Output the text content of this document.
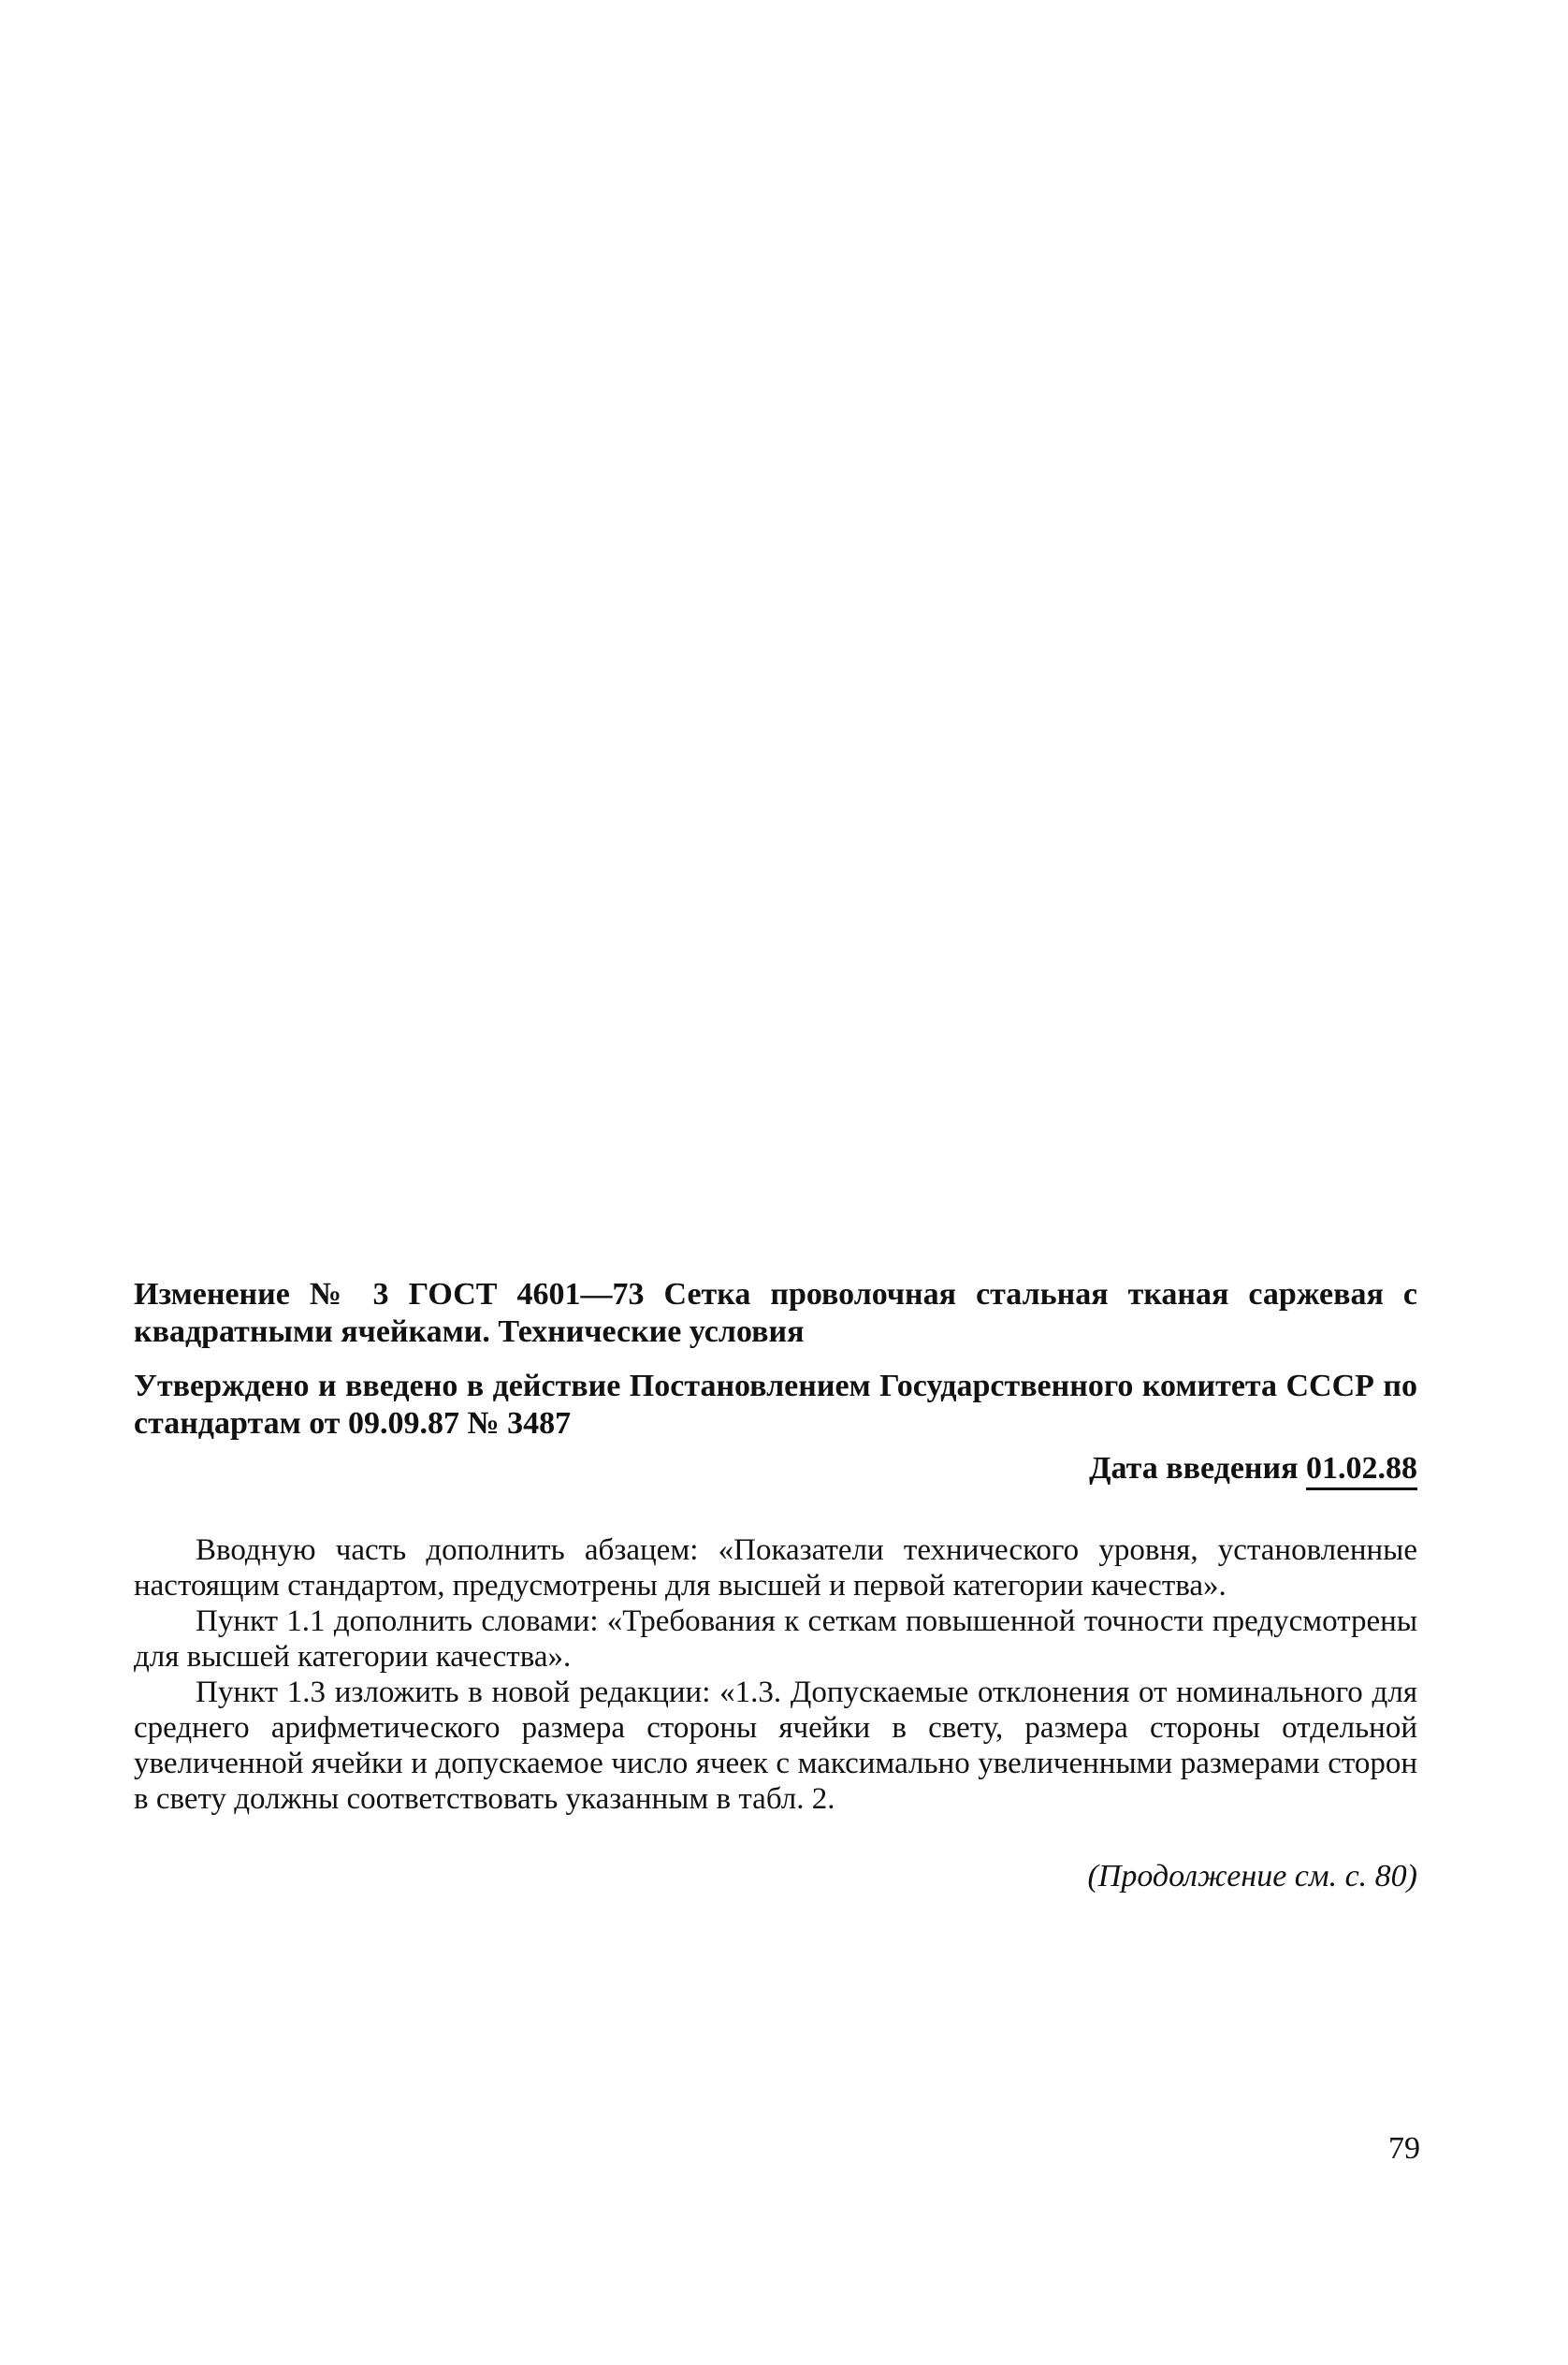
Изменение № 3 ГОСТ 4601—73 Сетка проволочная стальная тканая саржевая с квадратными ячейками. Технические условия

Утверждено и введено в действие Постановлением Государственного комитета СССР по стандартам от 09.09.87 № 3487

Дата введения 01.02.88

Вводную часть дополнить абзацем: «Показатели технического уровня, установленные настоящим стандартом, предусмотрены для высшей и первой категории качества».

Пункт 1.1 дополнить словами: «Требования к сеткам повышенной точности предусмотрены для высшей категории качества».

Пункт 1.3 изложить в новой редакции: «1.3. Допускаемые отклонения от номинального для среднего арифметического размера стороны ячейки в свету, размера стороны отдельной увеличенной ячейки и допускаемое число ячеек с максимально увеличенными размерами сторон в свету должны соответствовать указанным в табл. 2.

(Продолжение см. с. 80)

79
